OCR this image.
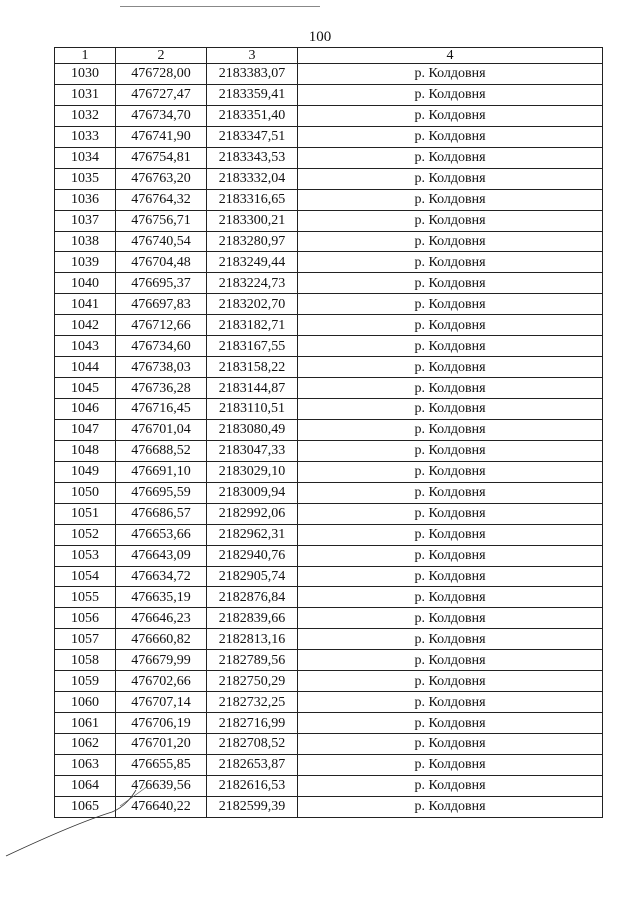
100
1	2	3	4
1030	476728,00	2183383,07	р. Колдовня
1031	476727,47	2183359,41	р. Колдовня
1032	476734,70	2183351,40	р. Колдовня
1033	476741,90	2183347,51	р. Колдовня
1034	476754,81	2183343,53	р. Колдовня
1035	476763,20	2183332,04	р. Колдовня
1036	476764,32	2183316,65	р. Колдовня
1037	476756,71	2183300,21	р. Колдовня
1038	476740,54	2183280,97	р. Колдовня
1039	476704,48	2183249,44	р. Колдовня
1040	476695,37	2183224,73	р. Колдовня
1041	476697,83	2183202,70	р. Колдовня
1042	476712,66	2183182,71	р. Колдовня
1043	476734,60	2183167,55	р. Колдовня
1044	476738,03	2183158,22	р. Колдовня
1045	476736,28	2183144,87	р. Колдовня
1046	476716,45	2183110,51	р. Колдовня
1047	476701,04	2183080,49	р. Колдовня
1048	476688,52	2183047,33	р. Колдовня
1049	476691,10	2183029,10	р. Колдовня
1050	476695,59	2183009,94	р. Колдовня
1051	476686,57	2182992,06	р. Колдовня
1052	476653,66	2182962,31	р. Колдовня
1053	476643,09	2182940,76	р. Колдовня
1054	476634,72	2182905,74	р. Колдовня
1055	476635,19	2182876,84	р. Колдовня
1056	476646,23	2182839,66	р. Колдовня
1057	476660,82	2182813,16	р. Колдовня
1058	476679,99	2182789,56	р. Колдовня
1059	476702,66	2182750,29	р. Колдовня
1060	476707,14	2182732,25	р. Колдовня
1061	476706,19	2182716,99	р. Колдовня
1062	476701,20	2182708,52	р. Колдовня
1063	476655,85	2182653,87	р. Колдовня
1064	476639,56	2182616,53	р. Колдовня
1065	476640,22	2182599,39	р. Колдовня
